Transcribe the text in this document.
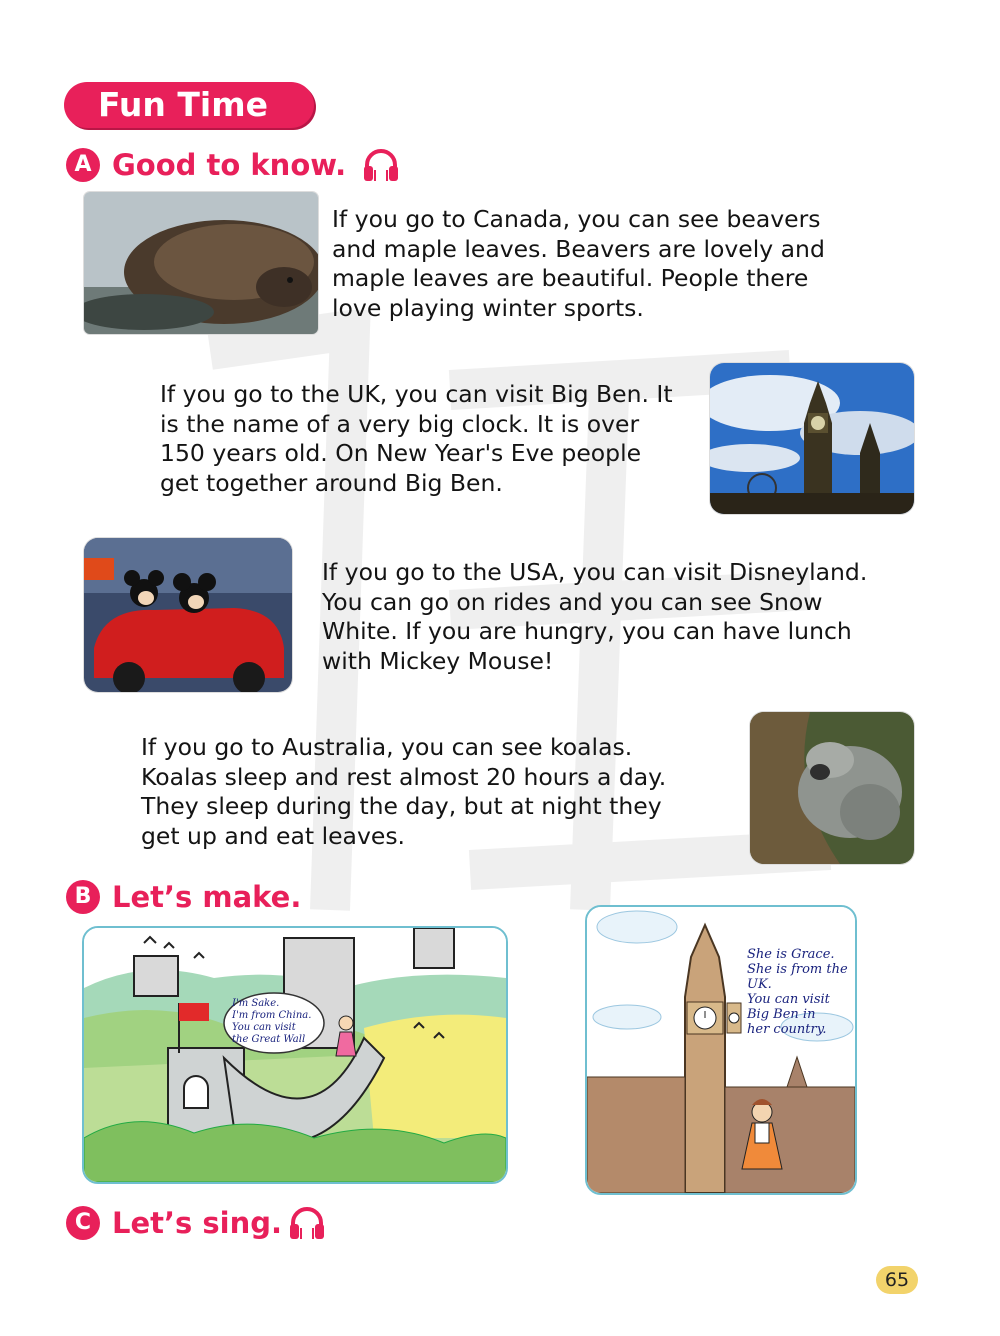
Fun Time
A Good to know.

If you go to Canada, you can see beavers and maple leaves. Beavers are lovely and maple leaves are beautiful. People there love playing winter sports.

If you go to the UK, you can visit Big Ben. It is the name of a very big clock. It is over 150 years old. On New Year's Eve people get together around Big Ben.

If you go to the USA, you can visit Disneyland. You can go on rides and you can see Snow White. If you are hungry, you can have lunch with Mickey Mouse!

If you go to Australia, you can see koalas. Koalas sleep and rest almost 20 hours a day. They sleep during the day, but at night they get up and eat leaves.

B Let’s make.
I'm Sake.
I'm from China.
You can visit
the Great Wall
She is Grace.
She is from the
UK.
You can visit
Big Ben in
her country.
C Let’s sing.
65
